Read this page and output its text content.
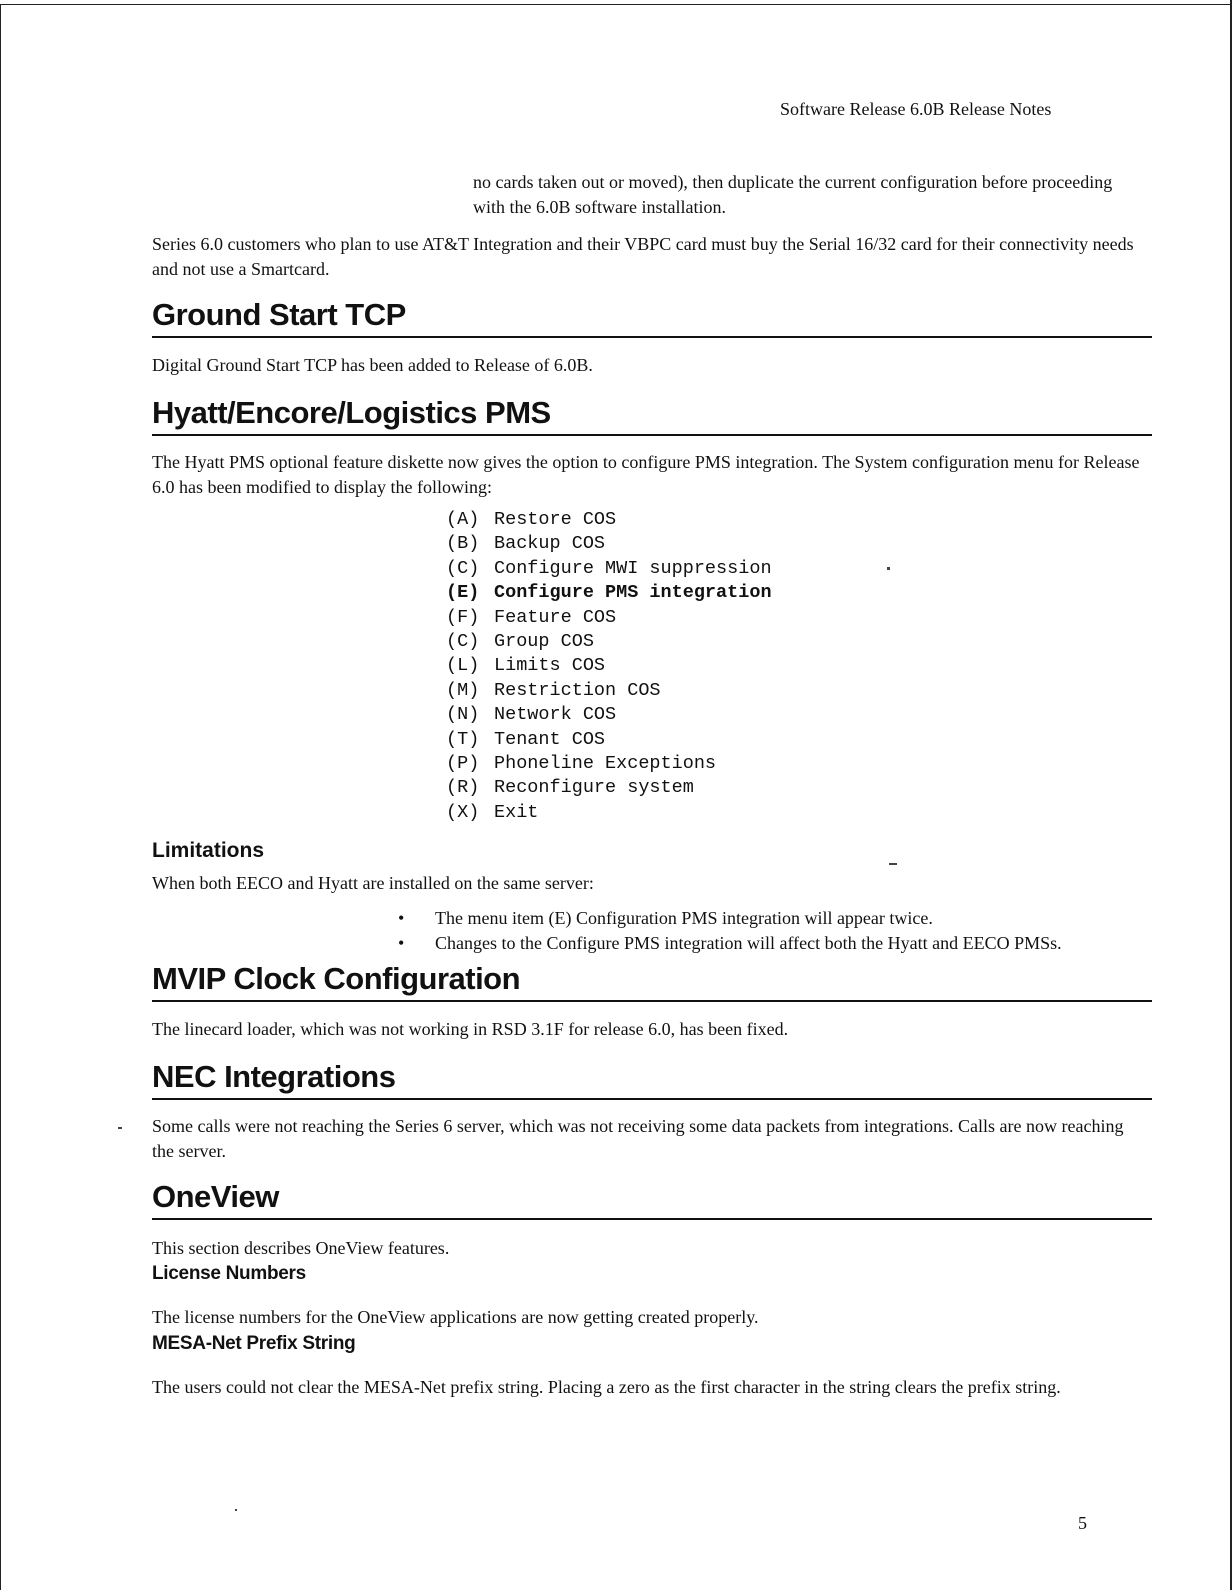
Software Release 6.0B Release Notes
no cards taken out or moved), then duplicate the current configuration before proceeding with the 6.0B software installation.
Series 6.0 customers who plan to use AT&T Integration and their VBPC card must buy the Serial 16/32 card for their connectivity needs and not use a Smartcard.
Ground Start TCP
Digital Ground Start TCP has been added to Release of 6.0B.
Hyatt/Encore/Logistics PMS
The Hyatt PMS optional feature diskette now gives the option to configure PMS integration. The System configuration menu for Release 6.0 has been modified to display the following:
(A) Restore COS
(B) Backup COS
(C) Configure MWI suppression
(E) Configure PMS integration
(F) Feature COS
(C) Group COS
(L) Limits COS
(M) Restriction COS
(N) Network COS
(T) Tenant COS
(P) Phoneline Exceptions
(R) Reconfigure system
(X) Exit
Limitations
When both EECO and Hyatt are installed on the same server:
• The menu item (E) Configuration PMS integration will appear twice.
• Changes to the Configure PMS integration will affect both the Hyatt and EECO PMSs.
MVIP Clock Configuration
The linecard loader, which was not working in RSD 3.1F for release 6.0, has been fixed.
NEC Integrations
Some calls were not reaching the Series 6 server, which was not receiving some data packets from integrations. Calls are now reaching the server.
OneView
This section describes OneView features.
License Numbers
The license numbers for the OneView applications are now getting created properly.
MESA-Net Prefix String
The users could not clear the MESA-Net prefix string. Placing a zero as the first character in the string clears the prefix string.
5
